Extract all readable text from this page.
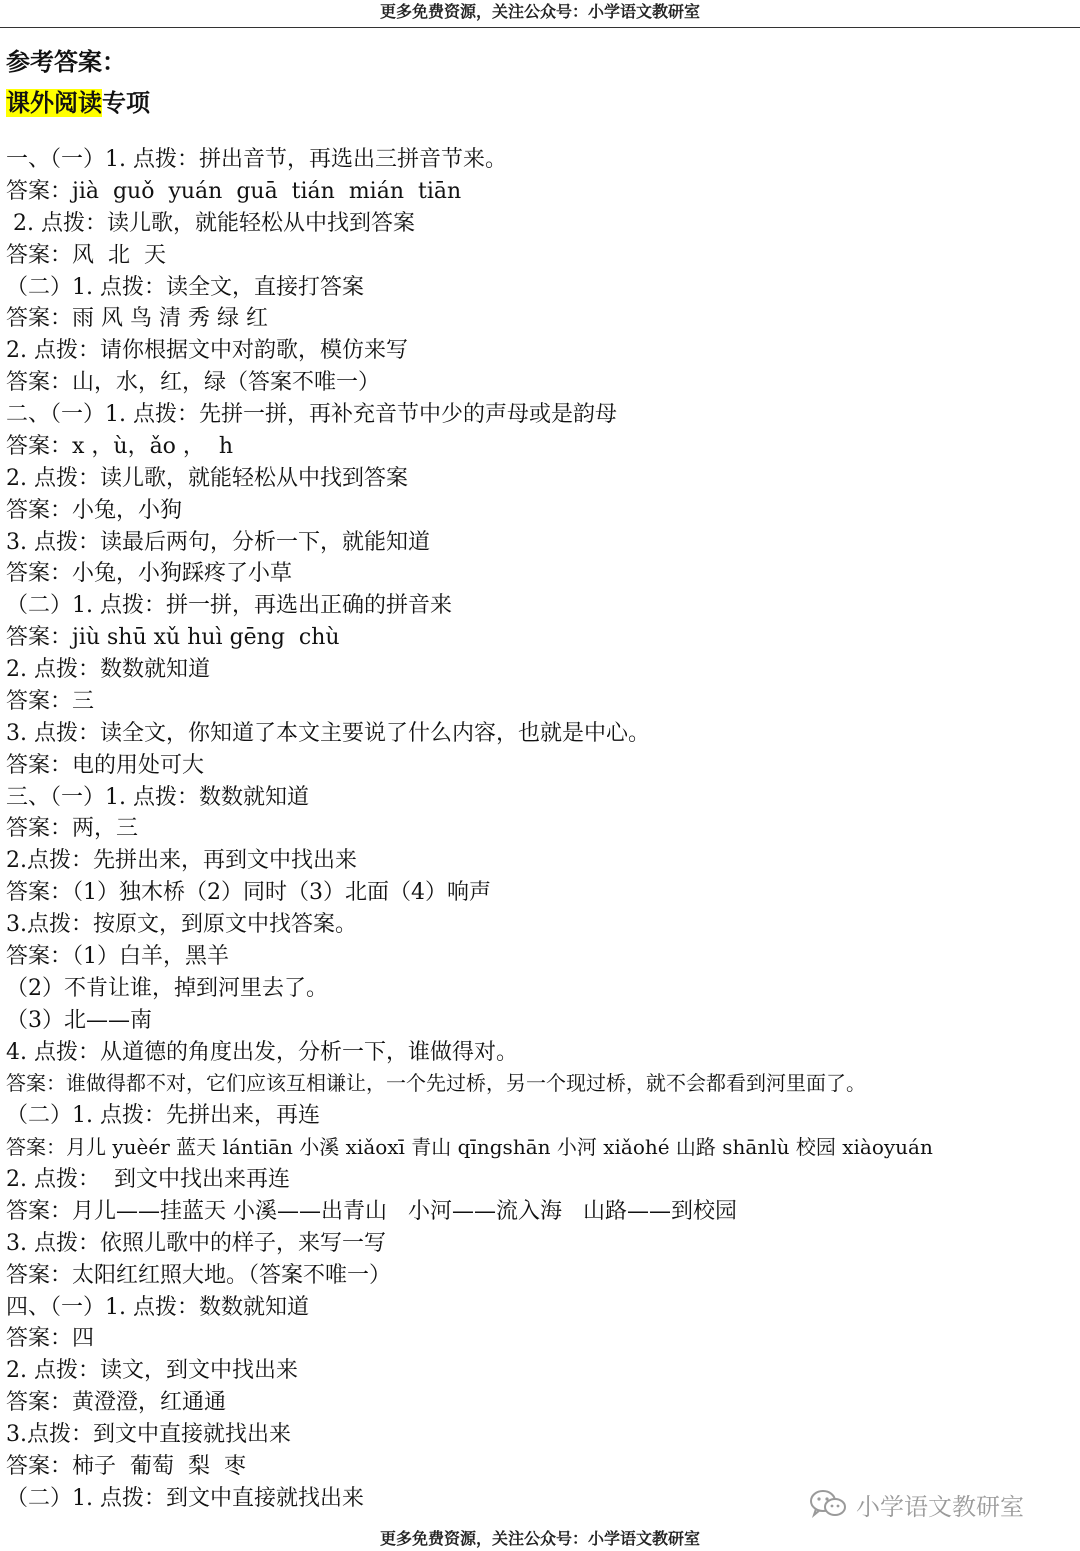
更多免费资源，关注公众号：小学语文教研室
参考答案：
课外阅读专项
一、（一）1. 点拨：拼出音节，再选出三拼音节来。
答案：jià  guǒ  yuán  guā  tián  mián  tiān
2. 点拨：读儿歌，就能轻松从中找到答案
答案：风  北  天
（二）1. 点拨：读全文，直接打答案
答案：雨 风 鸟 清 秀 绿 红
2. 点拨：请你根据文中对韵歌，模仿来写
答案：山，水，红，绿（答案不唯一）
二、（一）1. 点拨：先拼一拼，再补充音节中少的声母或是韵母
答案：x ，ù，ǎo ，  h
2. 点拨：读儿歌，就能轻松从中找到答案
答案：小兔，小狗
3. 点拨：读最后两句，分析一下，就能知道
答案：小兔，小狗踩疼了小草
（二）1. 点拨：拼一拼，再选出正确的拼音来
答案：jiù shū xǔ huì gēng  chù
2. 点拨：数数就知道
答案：三
3. 点拨：读全文，你知道了本文主要说了什么内容，也就是中心。
答案：电的用处可大
三、（一）1. 点拨：数数就知道
答案：两，三
2.点拨：先拼出来，再到文中找出来
答案：（1）独木桥（2）同时（3）北面（4）响声
3.点拨：按原文，到原文中找答案。
答案：（1）白羊，黑羊
（2）不肯让谁，掉到河里去了。
（3）北——南
4. 点拨：从道德的角度出发，分析一下，谁做得对。
答案：谁做得都不对，它们应该互相谦让，一个先过桥，另一个现过桥，就不会都看到河里面了。
（二）1. 点拨：先拼出来，再连
答案：月儿 yuèér 蓝天 lántiān 小溪 xiǎoxī 青山 qīngshān 小河 xiǎohé 山路 shānlù 校园 xiàoyuán
2. 点拨：  到文中找出来再连
答案：月儿——挂蓝天 小溪——出青山   小河——流入海   山路——到校园
3. 点拨：依照儿歌中的样子，来写一写
答案：太阳红红照大地。（答案不唯一）
四、（一）1. 点拨：数数就知道
答案：四
2. 点拨：读文，到文中找出来
答案：黄澄澄，红通通
3.点拨：到文中直接就找出来
答案：柿子  葡萄  梨  枣
（二）1. 点拨：到文中直接就找出来	小学语文教研室
更多免费资源，关注公众号：小学语文教研室
